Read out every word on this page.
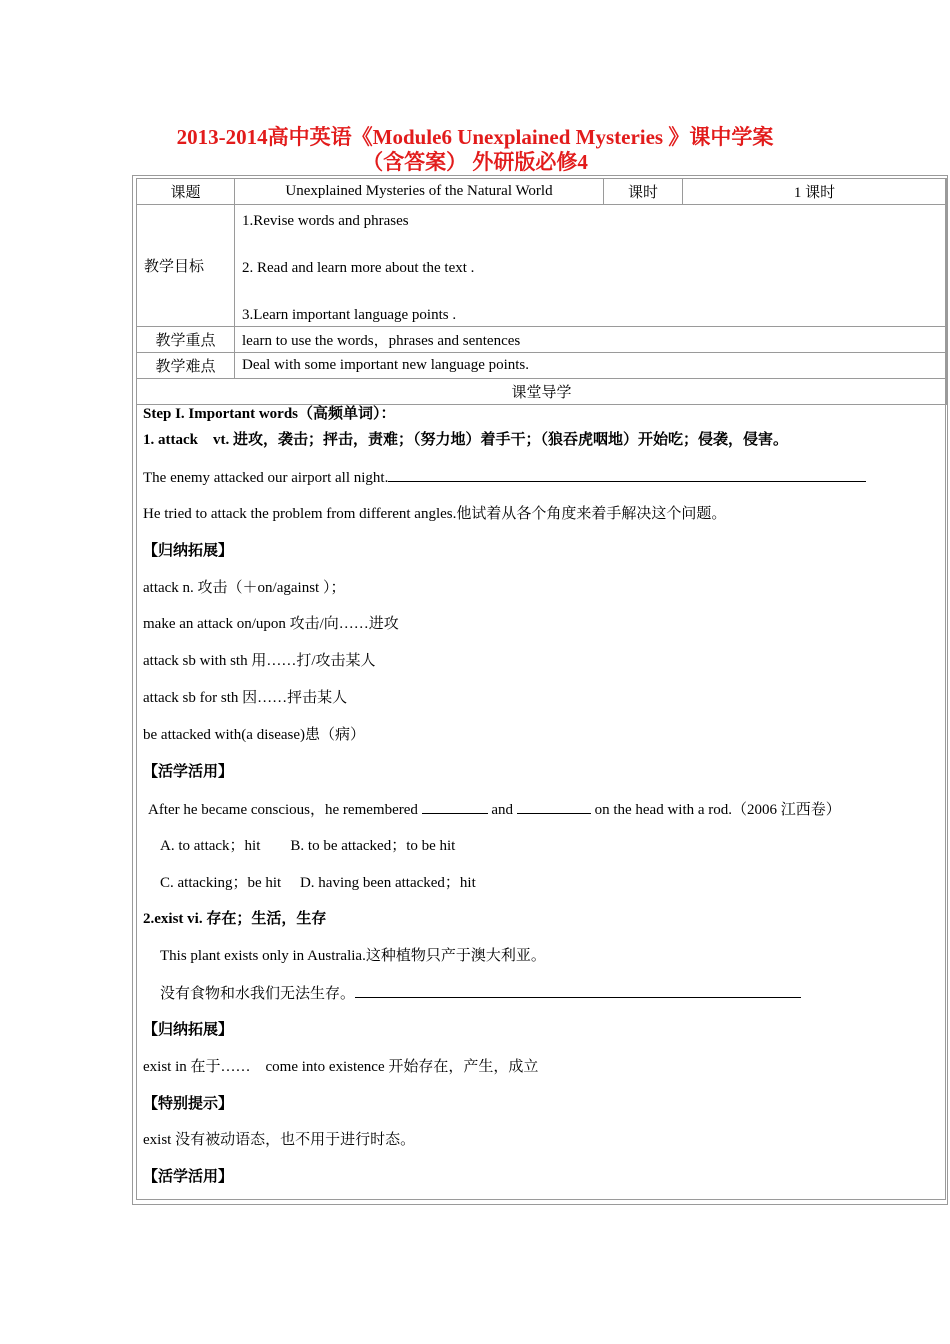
2013-2014高中英语《Module6 Unexplained Mysteries 》课中学案
（含答案） 外研版必修4
课题	Unexplained Mysteries of the Natural World	课时	1 课时
教学目标	1.Revise words and phrases
2. Read and learn more about the text .
3.Learn important language points .		

教学重点	learn to use the words，phrases and sentences		
教学难点	Deal with some important new language points.		
课堂导学			
Step I. Important words（高频单词）：
1. attack　vt. 进攻，袭击；抨击，责难；（努力地）着手干；（狼吞虎咽地）开始吃；侵袭，侵害。
The enemy attacked our airport all night.
He tried to attack the problem from different angles.他试着从各个角度来着手解决这个问题。
【归纳拓展】
attack n. 攻击（＋on/against ）；
make an attack on/upon 攻击/向……进攻
attack sb with sth 用……打/攻击某人
attack sb for sth 因……抨击某人
be attacked with(a disease)患（病）
【活学活用】
After he became conscious，he remembered	and	on the head with a rod.（2006 江西卷）
A. to attack；hit　　B. to be attacked；to be hit
C. attacking；be hit　 D. having been attacked；hit
2.exist vi. 存在；生活，生存
This plant exists only in Australia.这种植物只产于澳大利亚。
没有食物和水我们无法生存。
【归纳拓展】
exist in 在于……　come into existence 开始存在，产生，成立
【特别提示】
exist 没有被动语态，也不用于进行时态。
【活学活用】
